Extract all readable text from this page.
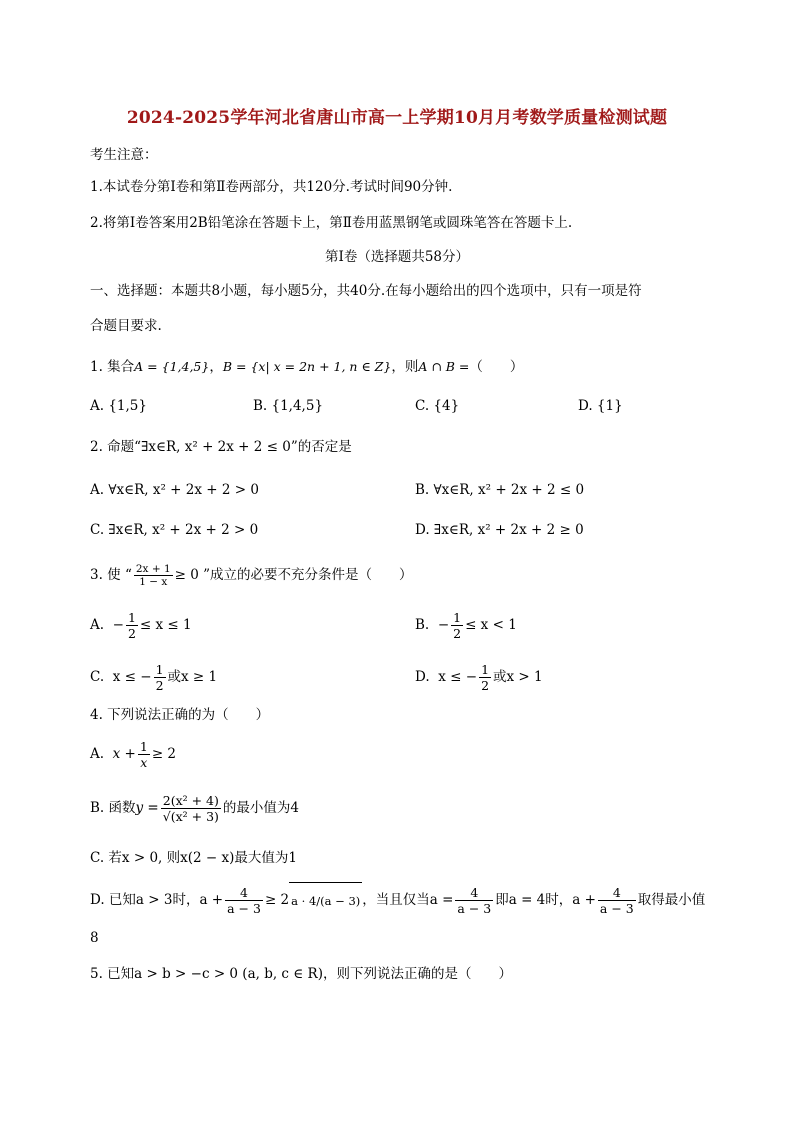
2024-2025学年河北省唐山市高一上学期10月月考数学质量检测试题
考生注意：
1.本试卷分第Ⅰ卷和第Ⅱ卷两部分，共120分.考试时间90分钟.
2.将第Ⅰ卷答案用2B铅笔涂在答题卡上，第Ⅱ卷用蓝黑钢笔或圆珠笔答在答题卡上.
第Ⅰ卷（选择题共58分）
一、选择题：本题共8小题，每小题5分，共40分.在每小题给出的四个选项中，只有一项是符
合题目要求.
1. 集合A = {1,4,5}，B = {x| x = 2n + 1, n ∈ Z}，则A ∩ B =（　　）
A. {1,5}	B. {1,4,5}	C. {4}	D. {1}
2. 命题“∃x∈R, x² + 2x + 2 ≤ 0”的否定是
A. ∀x∈R, x² + 2x + 2 > 0	B. ∀x∈R, x² + 2x + 2 ≤ 0
C. ∃x∈R, x² + 2x + 2 > 0	D. ∃x∈R, x² + 2x + 2 ≥ 0
3. 使 “ $\frac{2x + 1}{1 - x} \ge 0$ ”成立的必要不充分条件是（　　）
A. − $\frac{1}{2} \le x \le 1$	B. − $\frac{1}{2} \le x < 1$
C. x ≤ − $\frac{1}{2}$ 或x ≥ 1	D. x ≤ − $\frac{1}{2}$ 或x > 1
4. 下列说法正确的为（　　）
A. $x + \frac{1}{x} \ge 2$
B. 函数$y = \frac{\text{2(x² + 4)}}{\text{√(x² + 3)}}$ 的最小值为4
C. 若x > 0, 则x(2 − x)最大值为1
D. 已知a > 3时，$a + \frac{4}{a - 3} \ge 2$ a · 4/(a − 3) ，当且仅当$a = \frac{4}{a - 3}$ 即a = 4时，$a + \frac{4}{a - 3}$ 取得最小值
8
5. 已知a > b > −c > 0 (a, b, c ∈ R)，则下列说法正确的是（　　）
